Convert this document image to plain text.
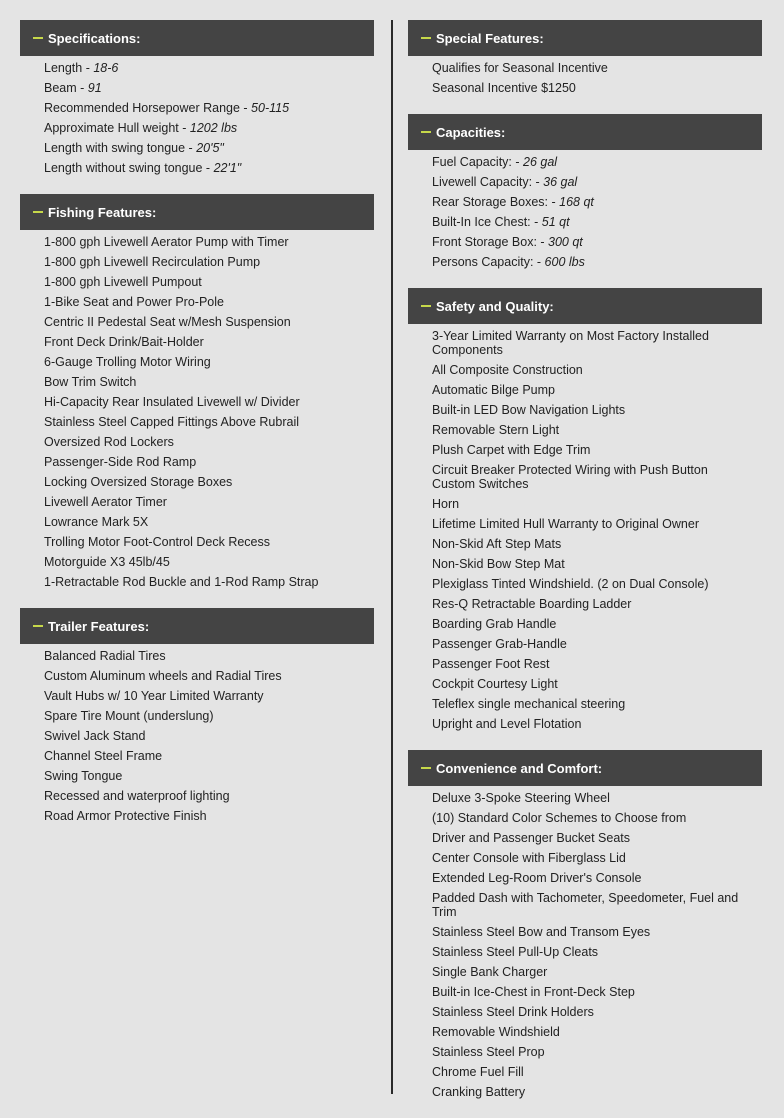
Specifications:
Length - 18-6
Beam - 91
Recommended Horsepower Range - 50-115
Approximate Hull weight - 1202 lbs
Length with swing tongue - 20'5"
Length without swing tongue - 22'1"
Fishing Features:
1-800 gph Livewell Aerator Pump with Timer
1-800 gph Livewell Recirculation Pump
1-800 gph Livewell Pumpout
1-Bike Seat and Power Pro-Pole
Centric II Pedestal Seat w/Mesh Suspension
Front Deck Drink/Bait-Holder
6-Gauge Trolling Motor Wiring
Bow Trim Switch
Hi-Capacity Rear Insulated Livewell w/ Divider
Stainless Steel Capped Fittings Above Rubrail
Oversized Rod Lockers
Passenger-Side Rod Ramp
Locking Oversized Storage Boxes
Livewell Aerator Timer
Lowrance Mark 5X
Trolling Motor Foot-Control Deck Recess
Motorguide X3 45lb/45
1-Retractable Rod Buckle and 1-Rod Ramp Strap
Trailer Features:
Balanced Radial Tires
Custom Aluminum wheels and Radial Tires
Vault Hubs w/ 10 Year Limited Warranty
Spare Tire Mount (underslung)
Swivel Jack Stand
Channel Steel Frame
Swing Tongue
Recessed and waterproof lighting
Road Armor Protective Finish
Special Features:
Qualifies for Seasonal Incentive
Seasonal Incentive $1250
Capacities:
Fuel Capacity: - 26 gal
Livewell Capacity: - 36 gal
Rear Storage Boxes: - 168 qt
Built-In Ice Chest: - 51 qt
Front Storage Box: - 300 qt
Persons Capacity: - 600 lbs
Safety and Quality:
3-Year Limited Warranty on Most Factory Installed Components
All Composite Construction
Automatic Bilge Pump
Built-in LED Bow Navigation Lights
Removable Stern Light
Plush Carpet with Edge Trim
Circuit Breaker Protected Wiring with Push Button Custom Switches
Horn
Lifetime Limited Hull Warranty to Original Owner
Non-Skid Aft Step Mats
Non-Skid Bow Step Mat
Plexiglass Tinted Windshield. (2 on Dual Console)
Res-Q Retractable Boarding Ladder
Boarding Grab Handle
Passenger Grab-Handle
Passenger Foot Rest
Cockpit Courtesy Light
Teleflex single mechanical steering
Upright and Level Flotation
Convenience and Comfort:
Deluxe 3-Spoke Steering Wheel
(10) Standard Color Schemes to Choose from
Driver and Passenger Bucket Seats
Center Console with Fiberglass Lid
Extended Leg-Room Driver's Console
Padded Dash with Tachometer, Speedometer, Fuel and Trim
Stainless Steel Bow and Transom Eyes
Stainless Steel Pull-Up Cleats
Single Bank Charger
Built-in Ice-Chest in Front-Deck Step
Stainless Steel Drink Holders
Removable Windshield
Stainless Steel Prop
Chrome Fuel Fill
Cranking Battery
